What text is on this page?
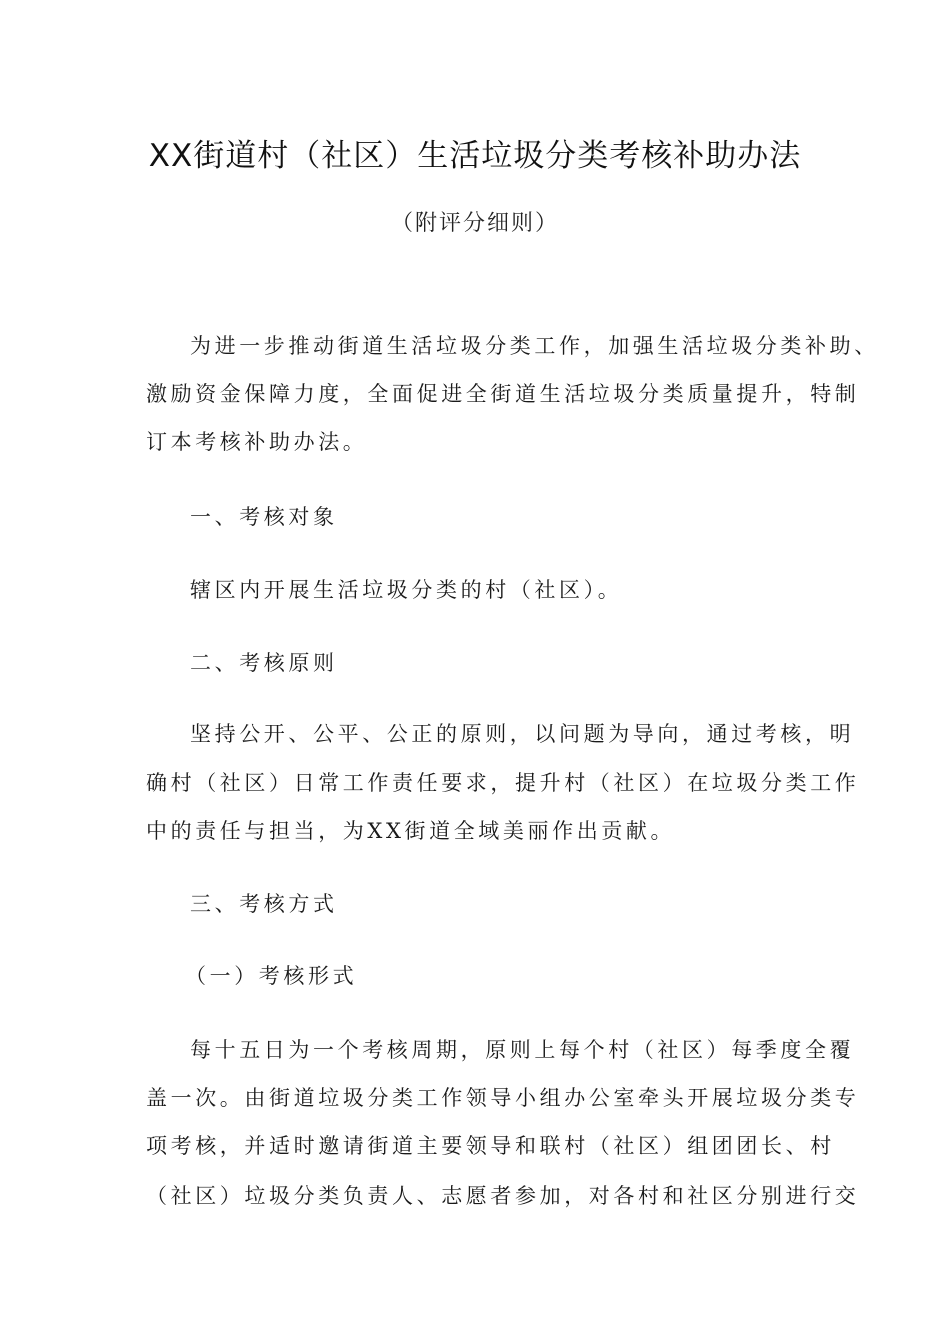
XX街道村（社区）生活垃圾分类考核补助办法
（附评分细则）
为进一步推动街道生活垃圾分类工作，加强生活垃圾分类补助、
激励资金保障力度，全面促进全街道生活垃圾分类质量提升，特制
订本考核补助办法。
一、考核对象
辖区内开展生活垃圾分类的村（社区）。
二、考核原则
坚持公开、公平、公正的原则，以问题为导向，通过考核，明
确村（社区）日常工作责任要求，提升村（社区）在垃圾分类工作
中的责任与担当，为XX街道全域美丽作出贡献。
三、考核方式
（一）考核形式
每十五日为一个考核周期，原则上每个村（社区）每季度全覆
盖一次。由街道垃圾分类工作领导小组办公室牵头开展垃圾分类专
项考核，并适时邀请街道主要领导和联村（社区）组团团长、村
（社区）垃圾分类负责人、志愿者参加，对各村和社区分别进行交
